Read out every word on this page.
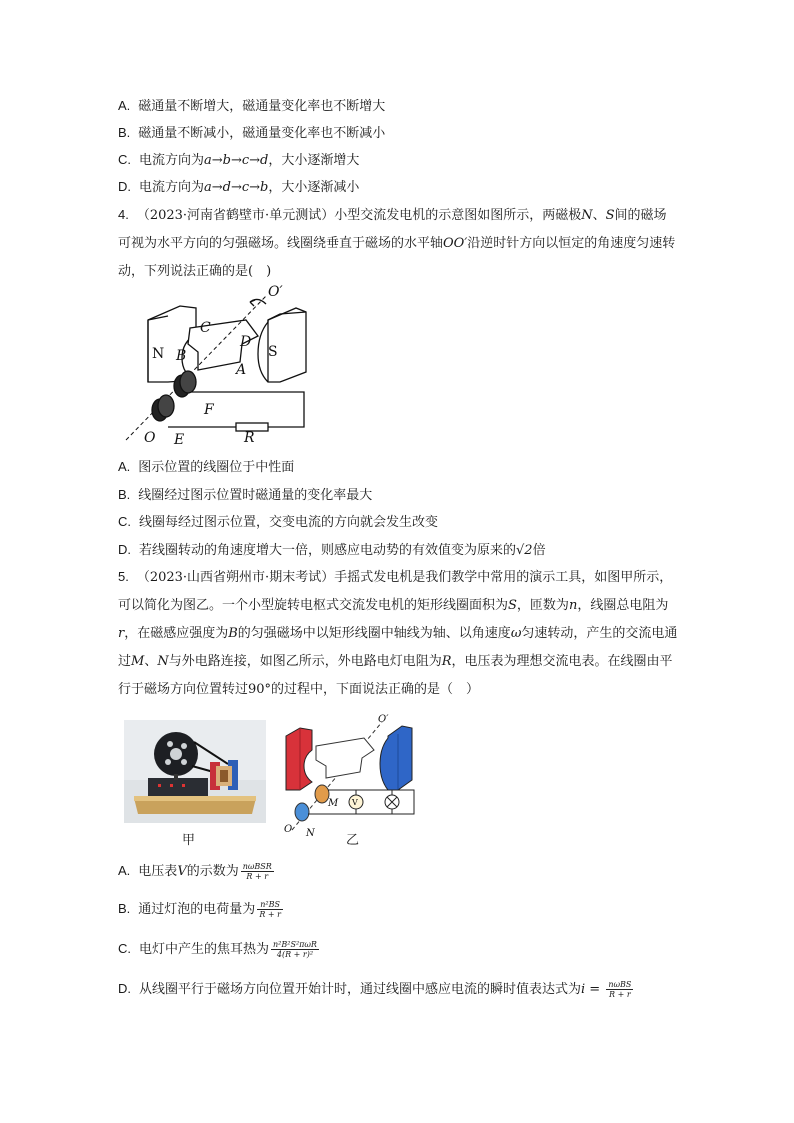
A. 磁通量不断增大，磁通量变化率也不断增大
B. 磁通量不断减小，磁通量变化率也不断减小
C. 电流方向为a→b→c→d，大小逐渐增大
D. 电流方向为a→d→c→b，大小逐渐减小
4. （2023·河南省鹤壁市·单元测试）小型交流发电机的示意图如图所示，两磁极N、S间的磁场可视为水平方向的匀强磁场。线圈绕垂直于磁场的水平轴OO′沿逆时针方向以恒定的角速度匀速转动，下列说法正确的是(　)
O′
C
N B
D
S
A
F
O E	R
A. 图示位置的线圈位于中性面
B. 线圈经过图示位置时磁通量的变化率最大
C. 线圈每经过图示位置，交变电流的方向就会发生改变
D. 若线圈转动的角速度增大一倍，则感应电动势的有效值变为原来的√2倍
5. （2023·山西省朔州市·期末考试）手摇式发电机是我们教学中常用的演示工具，如图甲所示，可以简化为图乙。一个小型旋转电枢式交流发电机的矩形线圈面积为S，匝数为n，线圈总电阻为r，在磁感应强度为B的匀强磁场中以矩形线圈中轴线为轴、以角速度ω匀速转动，产生的交流电通过M、N与外电路连接，如图乙所示，外电路电灯电阻为R，电压表为理想交流电表。在线圈由平行于磁场方向位置转过90°的过程中，下面说法正确的是（　）
甲
O′
M V
O N 乙
A. 电压表V的示数为 $\frac{\text{nωBSR}}{R + r}$
B. 通过灯泡的电荷量为 $\frac{\text{n²BS}}{R + r}$
C. 电灯中产生的焦耳热为 $\frac{\text{n²B²S²πωR}}{\text{4(R + r)²}}$
D. 从线圈平行于磁场方向位置开始计时，通过线圈中感应电流的瞬时值表达式为$i = \frac{\text{nωBS}}{R + r}$
